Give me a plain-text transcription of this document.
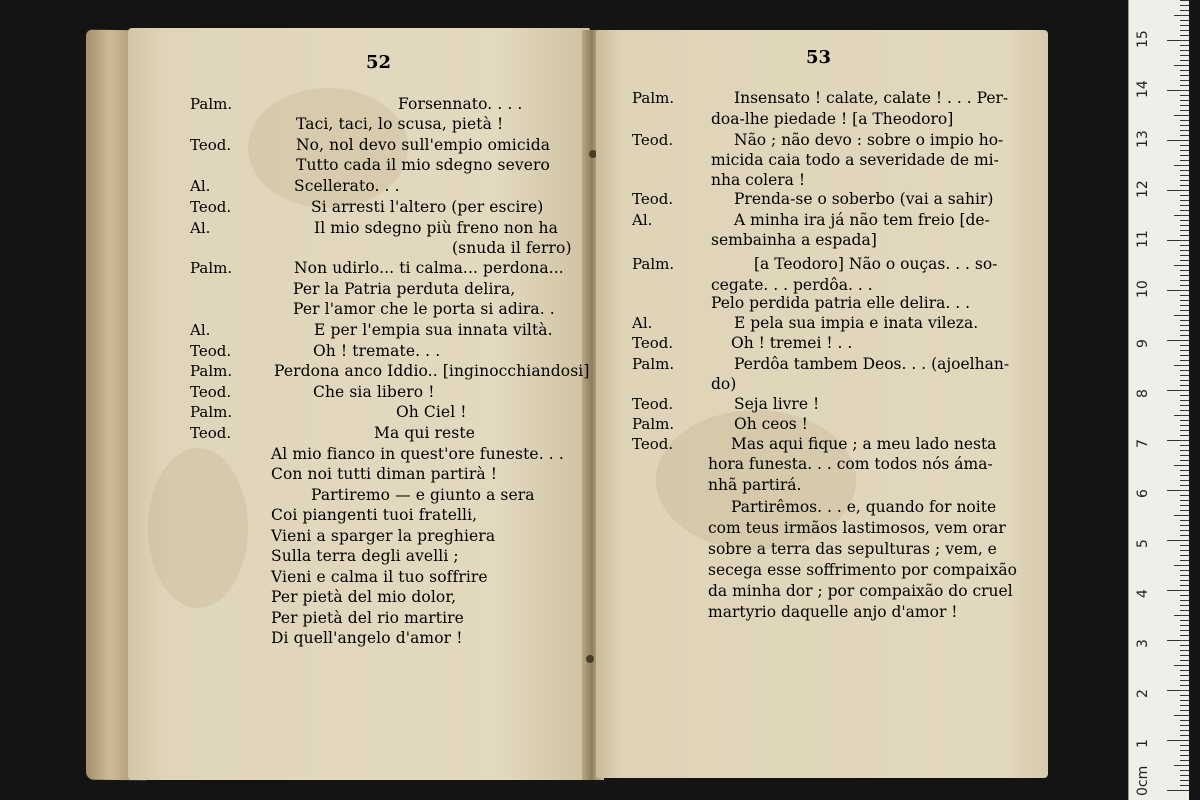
52	53
Palm.	Forsennato. . . .
Taci, taci, lo scusa, pietà !
Teod.	No, nol devo sull'empio omicida
Tutto cada il mio sdegno severo
Al.	Scellerato. . .
Teod.	Si arresti l'altero (per escire)
Al.	Il mio sdegno più freno non ha
(snuda il ferro)
Palm.	Non udirlo... ti calma... perdona...
Per la Patria perduta delira,
Per l'amor che le porta si adira. .
Al.	E per l'empia sua innata viltà.
Teod.	Oh ! tremate. . .
Palm.	Perdona anco Iddio.. [inginocchiandosi]
Teod.	Che sia libero !
Palm.	Oh Ciel !
Teod.	Ma qui reste
Al mio fianco in quest'ore funeste. . .
Con noi tutti diman partirà !
Partiremo — e giunto a sera
Coi piangenti tuoi fratelli,
Vieni a sparger la preghiera
Sulla terra degli avelli ;
Vieni e calma il tuo soffrire
Per pietà del mio dolor,
Per pietà del rio martire
Di quell'angelo d'amor !
Palm.	Insensato ! calate, calate ! . . . Per-
doa-lhe piedade ! [a Theodoro]
Teod.	Não ; não devo : sobre o impio ho-
micida caia todo a severidade de mi-
nha colera !
Teod.	Prenda-se o soberbo (vai a sahir)
Al.	A minha ira já não tem freio [de-
sembainha a espada]
Palm.	[a Teodoro] Não o ouças. . . so-
cegate. . . perdôa. . .
Pelo perdida patria elle delira. . .
Al.	E pela sua impia e inata vileza.
Teod.	Oh ! tremei ! . .
Palm.	Perdôa tambem Deos. . . (ajoelhan-
do)
Teod.	Seja livre !
Palm.	Oh ceos !
Teod.	Mas aqui fique ; a meu lado nesta
hora funesta. . . com todos nós áma-
nhã partirá.
Partirêmos. . . e, quando for noite
com teus irmãos lastimosos, vem orar
sobre a terra das sepulturas ; vem, e
secega esse soffrimento por compaixão
da minha dor ; por compaixão do cruel
martyrio daquelle anjo d'amor !
0cm
1
2
3
4
5
6
7
8
9
10
11
12
13
14
15
